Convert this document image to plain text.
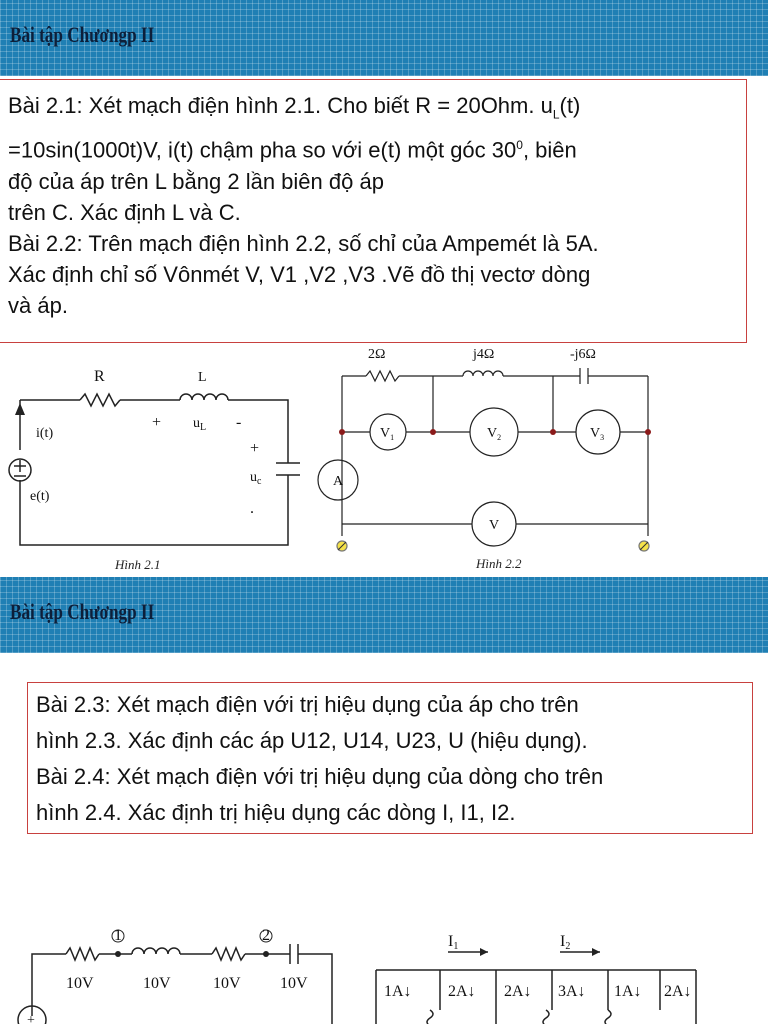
Bài tập Chươngp II

Bài 2.1: Xét mạch điện hình 2.1. Cho biết R = 20Ohm. $u_L(t)$

=10sin(1000t)V, i(t) chậm pha so với e(t) một góc $30^0$, biên

độ của áp trên L bằng 2 lần biên độ áp

trên C. Xác định L và C.

Bài 2.2: Trên mạch điện hình 2.2, số chỉ của Ampemét là 5A.

Xác định chỉ số Vônmét V, V1 ,V2 ,V3 .Vẽ đồ thị vectơ dòng

và áp.

R	L
i(t)
+ $u_L$ -
+
$u_c$
.
e(t)
Hình 2.1
2Ω	j4Ω	-j6Ω
$V_1$	$V_2$	$V_3$
A
V
Hình 2.2
Bài tập Chươngp II

Bài 2.3: Xét mạch điện với trị hiệu dụng của áp cho trên

hình 2.3. Xác định các áp U12, U14, U23, U (hiệu dụng).

Bài 2.4: Xét mạch điện với trị hiệu dụng của dòng cho trên

hình 2.4. Xác định trị hiệu dụng các dòng I, I1, I2.

1	2
10V	10V	10V 10V
+
I1	I2
1A↓ 2A↓ 2A↓ 3A↓ 1A↓ 2A↓
